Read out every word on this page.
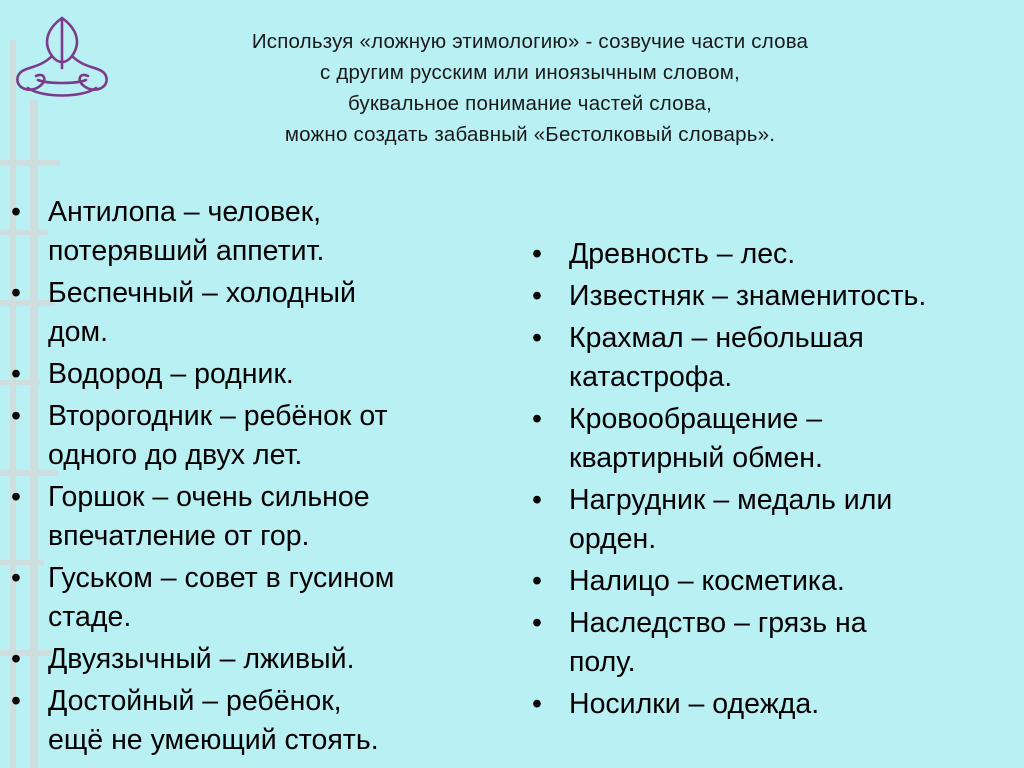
Используя «ложную этимологию» - созвучие части слова
с другим русским или иноязычным словом,
буквальное понимание частей слова,
можно создать забавный «Бестолковый словарь».
• Антилопа – человек,
потерявший аппетит.
• Беспечный – холодный
дом.
• Водород – родник.
• Второгодник – ребёнок от
одного до двух лет.
• Горшок – очень сильное
впечатление от гор.
• Гуськом – совет в гусином
стаде.
• Двуязычный – лживый.
• Достойный – ребёнок,
ещё не умеющий стоять.
• Древность – лес.
• Известняк – знаменитость.
• Крахмал – небольшая
катастрофа.
• Кровообращение –
квартирный обмен.
• Нагрудник – медаль или
орден.
• Налицо – косметика.
• Наследство – грязь на
полу.
• Носилки – одежда.
